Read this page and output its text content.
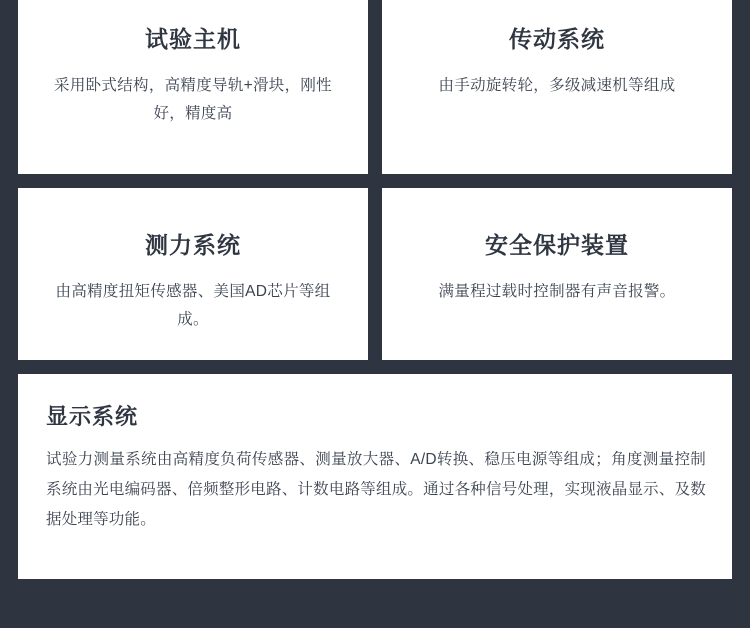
试验主机
采用卧式结构，高精度导轨+滑块，刚性好，精度高
传动系统
由手动旋转轮，多级减速机等组成
测力系统
由高精度扭矩传感器、美国AD芯片等组成。
安全保护装置
满量程过载时控制器有声音报警。
显示系统
试验力测量系统由高精度负荷传感器、测量放大器、A/D转换、稳压电源等组成；角度测量控制系统由光电编码器、倍频整形电路、计数电路等组成。通过各种信号处理，实现液晶显示、及数据处理等功能。
